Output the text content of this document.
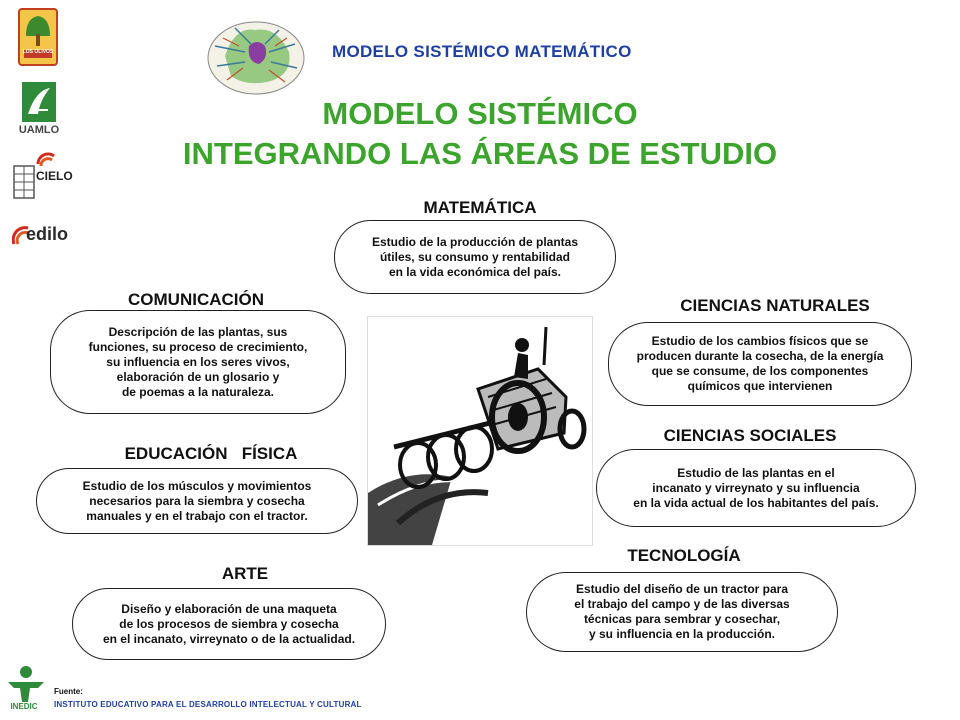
LOS OLIVOS
UAMLO
CIELO
edilo
MODELO SISTÉMICO MATEMÁTICO
MODELO SISTÉMICO
INTEGRANDO LAS ÁREAS DE ESTUDIO
MATEMÁTICA
Estudio de la producción de plantas
útiles, su consumo y rentabilidad
en la vida económica del país.
COMUNICACIÓN
Descripción de las plantas, sus
funciones, su proceso de crecimiento,
su influencia en los seres vivos,
elaboración de un glosario y
de poemas a la naturaleza.
CIENCIAS NATURALES
Estudio de los cambios físicos que se
producen durante la cosecha, de la energía
que se consume, de los componentes
químicos que intervienen
EDUCACIÓN   FÍSICA
Estudio de los músculos y movimientos
necesarios para la siembra y cosecha
manuales y en el trabajo con el tractor.
CIENCIAS SOCIALES
Estudio de las plantas en el
incanato y virreynato y su influencia
en la vida actual de los habitantes del país.
ARTE
Diseño y elaboración de una maqueta
de los procesos de siembra y cosecha
en el incanato, virreynato o de la actualidad.
TECNOLOGÍA
Estudio del diseño de un tractor para
el trabajo del campo y de las diversas
técnicas para sembrar y cosechar,
y su influencia en la producción.
INEDIC
Fuente:
INSTITUTO EDUCATIVO PARA EL DESARROLLO INTELECTUAL Y CULTURAL
